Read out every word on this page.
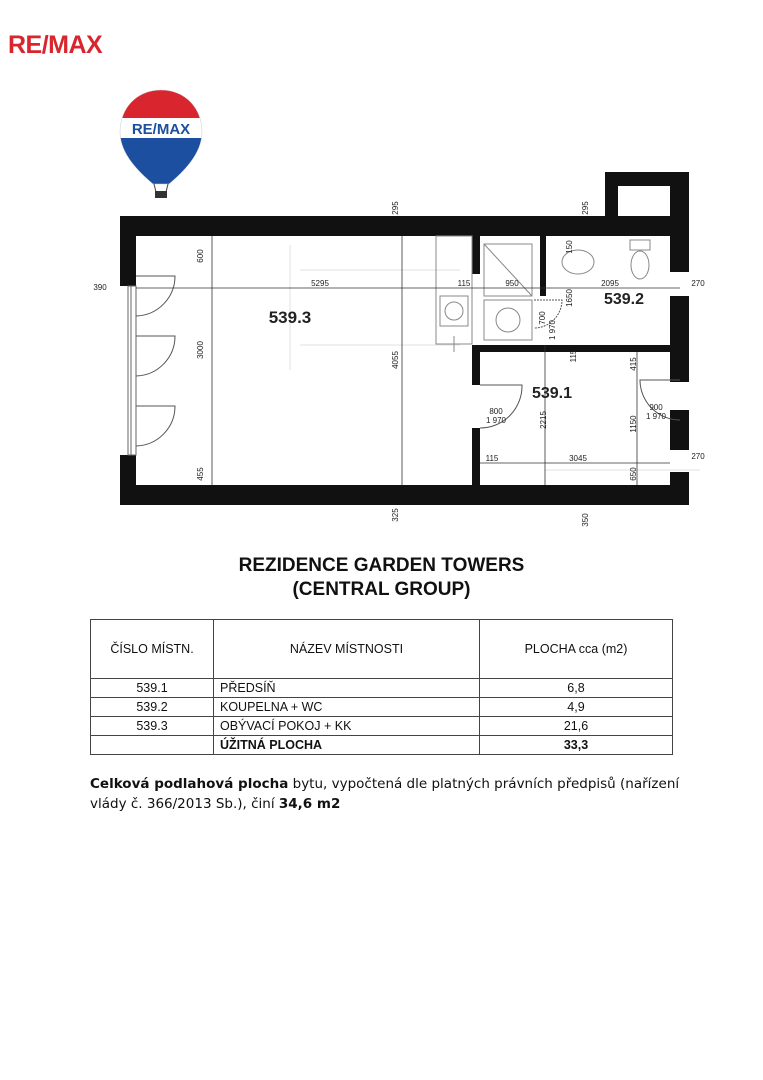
RE/MAX
RE/MAX
539.3
539.2
539.1
295	295
390	5295
600
3000
455
4055
115	950
150
2095
1650
270
700
1 970
115
415
800
1 970	2215
900
1 970
1150
115	3045
650
270
325	350
REZIDENCE GARDEN TOWERS
(CENTRAL GROUP)
ČÍSLO MÍSTN.	NÁZEV MÍSTNOSTI	PLOCHA cca (m2)
539.1	PŘEDSÍŇ	6,8
539.2	KOUPELNA + WC	4,9
539.3	OBÝVACÍ POKOJ + KK	21,6
	ÚŽITNÁ PLOCHA	33,3
Celková podlahová plocha bytu, vypočtená dle platných právních předpisů (nařízení vlády č. 366/2013 Sb.), činí 34,6 m2
